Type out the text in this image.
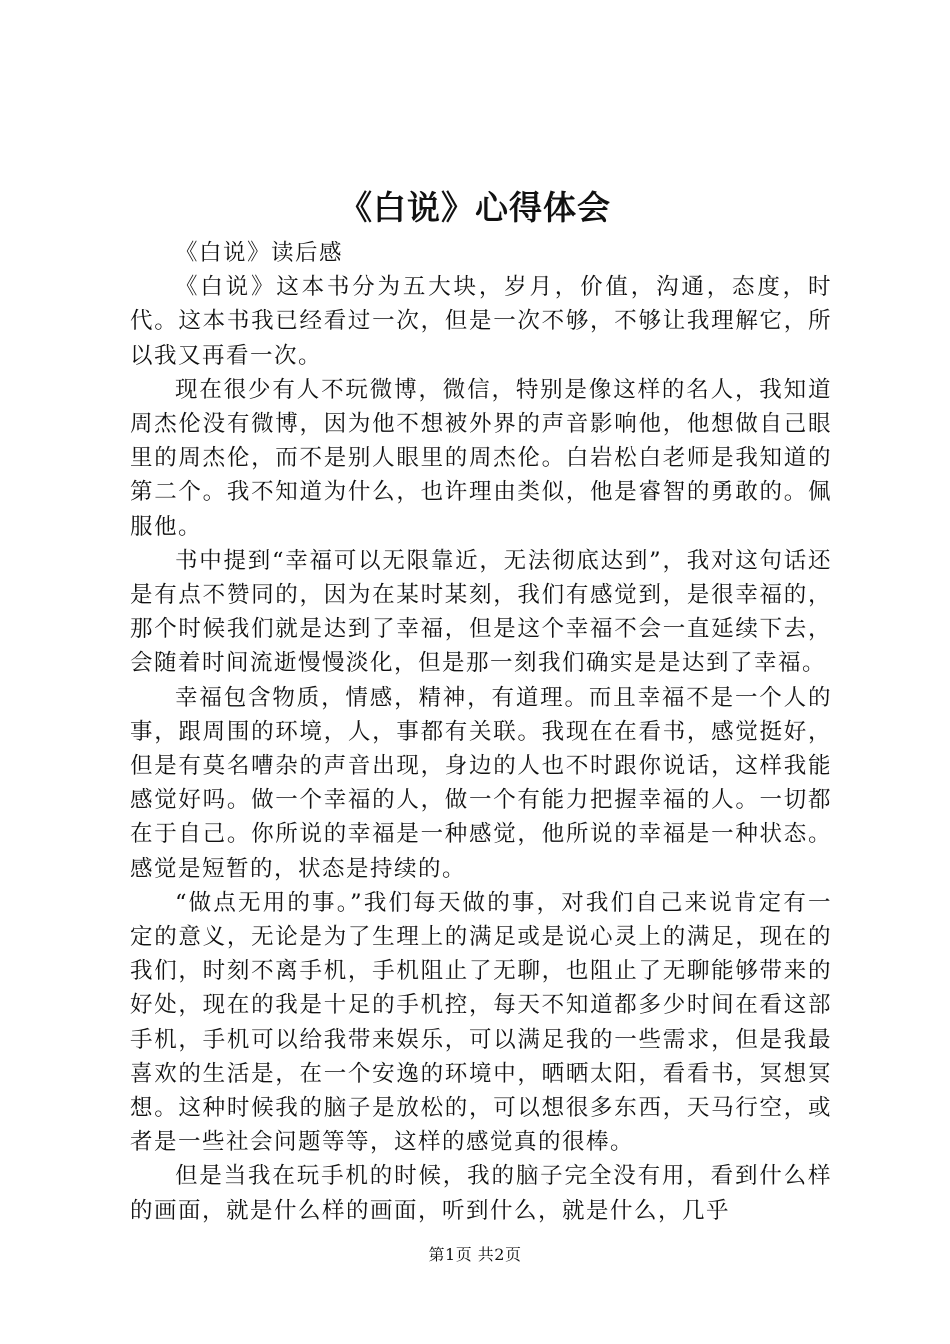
《白说》心得体会

《白说》读后感

《白说》这本书分为五大块，岁月，价值，沟通，态度，时代。这本书我已经看过一次，但是一次不够，不够让我理解它，所以我又再看一次。

现在很少有人不玩微博，微信，特别是像这样的名人，我知道周杰伦没有微博，因为他不想被外界的声音影响他，他想做自己眼里的周杰伦，而不是别人眼里的周杰伦。白岩松白老师是我知道的第二个。我不知道为什么，也许理由类似，他是睿智的勇敢的。佩服他。

书中提到“幸福可以无限靠近，无法彻底达到”，我对这句话还是有点不赞同的，因为在某时某刻，我们有感觉到，是很幸福的，那个时候我们就是达到了幸福，但是这个幸福不会一直延续下去，会随着时间流逝慢慢淡化，但是那一刻我们确实是是达到了幸福。

幸福包含物质，情感，精神，有道理。而且幸福不是一个人的事，跟周围的环境，人，事都有关联。我现在在看书，感觉挺好，但是有莫名嘈杂的声音出现，身边的人也不时跟你说话，这样我能感觉好吗。做一个幸福的人，做一个有能力把握幸福的人。一切都在于自己。你所说的幸福是一种感觉，他所说的幸福是一种状态。感觉是短暂的，状态是持续的。

“做点无用的事。”我们每天做的事，对我们自己来说肯定有一定的意义，无论是为了生理上的满足或是说心灵上的满足，现在的我们，时刻不离手机，手机阻止了无聊，也阻止了无聊能够带来的好处，现在的我是十足的手机控，每天不知道都多少时间在看这部手机，手机可以给我带来娱乐，可以满足我的一些需求，但是我最喜欢的生活是，在一个安逸的环境中，晒晒太阳，看看书，冥想冥想。这种时候我的脑子是放松的，可以想很多东西，天马行空，或者是一些社会问题等等，这样的感觉真的很棒。

但是当我在玩手机的时候，我的脑子完全没有用，看到什么样的画面，就是什么样的画面，听到什么，就是什么，几乎

第1页 共2页
